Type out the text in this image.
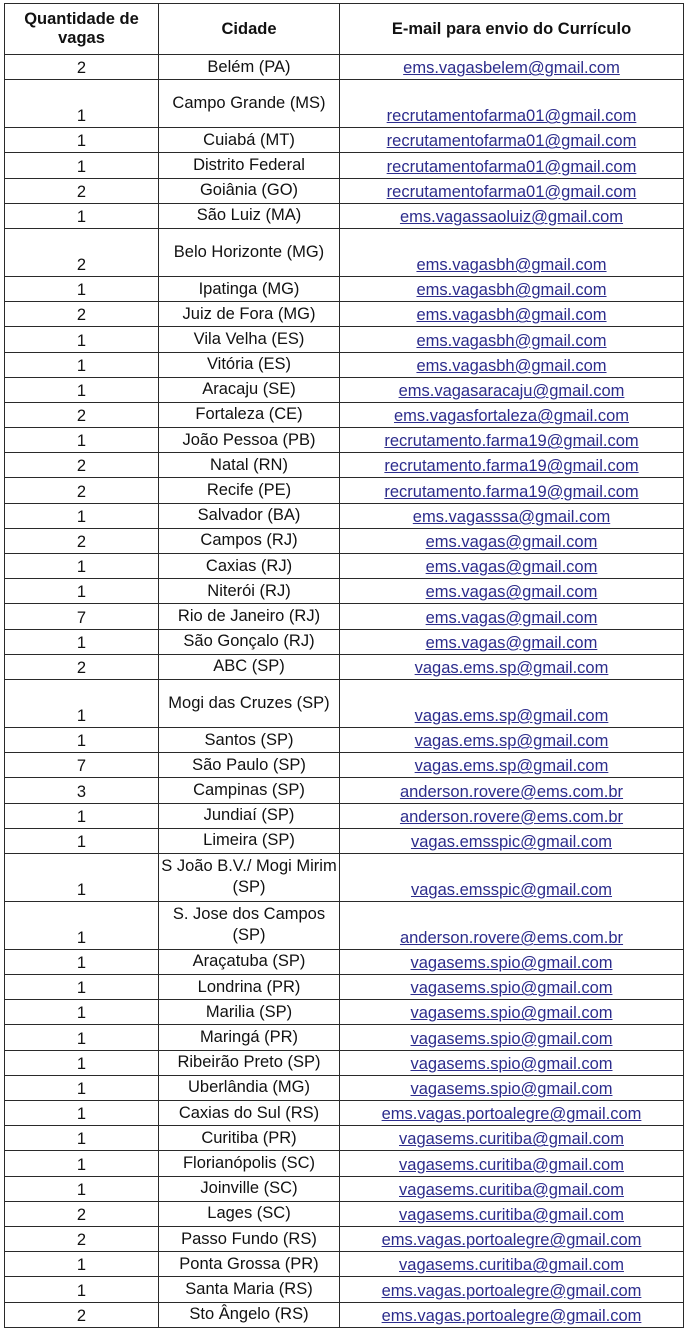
Quantidade de vagas	Cidade	E-mail para envio do Currículo
2	Belém (PA)	ems.vagasbelem@gmail.com
1	Campo Grande (MS)	recrutamentofarma01@gmail.com
1	Cuiabá (MT)	recrutamentofarma01@gmail.com
1	Distrito Federal	recrutamentofarma01@gmail.com
2	Goiânia (GO)	recrutamentofarma01@gmail.com
1	São Luiz (MA)	ems.vagassaoluiz@gmail.com
2	Belo Horizonte (MG)	ems.vagasbh@gmail.com
1	Ipatinga (MG)	ems.vagasbh@gmail.com
2	Juiz de Fora (MG)	ems.vagasbh@gmail.com
1	Vila Velha (ES)	ems.vagasbh@gmail.com
1	Vitória (ES)	ems.vagasbh@gmail.com
1	Aracaju (SE)	ems.vagasaracaju@gmail.com
2	Fortaleza (CE)	ems.vagasfortaleza@gmail.com
1	João Pessoa (PB)	recrutamento.farma19@gmail.com
2	Natal (RN)	recrutamento.farma19@gmail.com
2	Recife (PE)	recrutamento.farma19@gmail.com
1	Salvador (BA)	ems.vagasssa@gmail.com
2	Campos (RJ)	ems.vagas@gmail.com
1	Caxias (RJ)	ems.vagas@gmail.com
1	Niterói (RJ)	ems.vagas@gmail.com
7	Rio de Janeiro (RJ)	ems.vagas@gmail.com
1	São Gonçalo (RJ)	ems.vagas@gmail.com
2	ABC (SP)	vagas.ems.sp@gmail.com
1	Mogi das Cruzes (SP)	vagas.ems.sp@gmail.com
1	Santos (SP)	vagas.ems.sp@gmail.com
7	São Paulo (SP)	vagas.ems.sp@gmail.com
3	Campinas (SP)	anderson.rovere@ems.com.br
1	Jundiaí (SP)	anderson.rovere@ems.com.br
1	Limeira (SP)	vagas.emsspic@gmail.com
1	S João B.V./ Mogi Mirim (SP)	vagas.emsspic@gmail.com
1	S. Jose dos Campos (SP)	anderson.rovere@ems.com.br
1	Araçatuba (SP)	vagasems.spio@gmail.com
1	Londrina (PR)	vagasems.spio@gmail.com
1	Marilia (SP)	vagasems.spio@gmail.com
1	Maringá (PR)	vagasems.spio@gmail.com
1	Ribeirão Preto (SP)	vagasems.spio@gmail.com
1	Uberlândia (MG)	vagasems.spio@gmail.com
1	Caxias do Sul (RS)	ems.vagas.portoalegre@gmail.com
1	Curitiba (PR)	vagasems.curitiba@gmail.com
1	Florianópolis (SC)	vagasems.curitiba@gmail.com
1	Joinville (SC)	vagasems.curitiba@gmail.com
2	Lages (SC)	vagasems.curitiba@gmail.com
2	Passo Fundo (RS)	ems.vagas.portoalegre@gmail.com
1	Ponta Grossa (PR)	vagasems.curitiba@gmail.com
1	Santa Maria (RS)	ems.vagas.portoalegre@gmail.com
2	Sto Ângelo (RS)	ems.vagas.portoalegre@gmail.com
